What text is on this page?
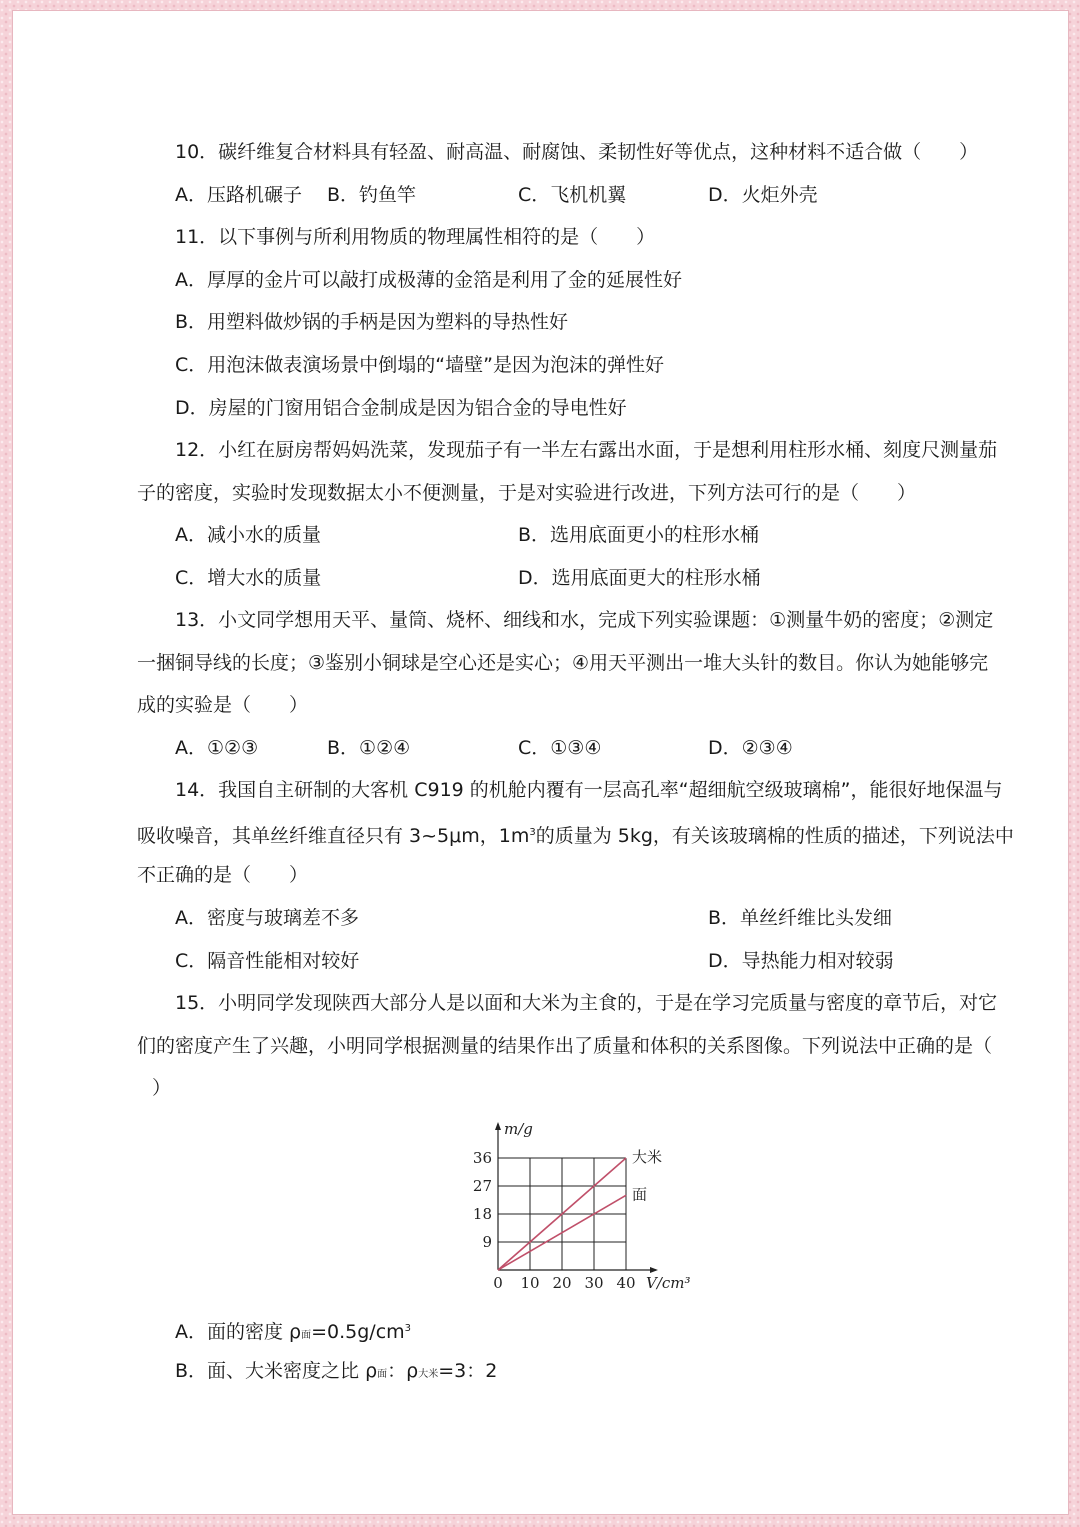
10．碳纤维复合材料具有轻盈、耐高温、耐腐蚀、柔韧性好等优点，这种材料不适合做（　　）
A．压路机碾子 B．钓鱼竿	C．飞机机翼	D．火炬外壳
11．以下事例与所利用物质的物理属性相符的是（　　）
A．厚厚的金片可以敲打成极薄的金箔是利用了金的延展性好
B．用塑料做炒锅的手柄是因为塑料的导热性好
C．用泡沫做表演场景中倒塌的“墙壁”是因为泡沫的弹性好
D．房屋的门窗用铝合金制成是因为铝合金的导电性好
12．小红在厨房帮妈妈洗菜，发现茄子有一半左右露出水面，于是想利用柱形水桶、刻度尺测量茄
子的密度，实验时发现数据太小不便测量，于是对实验进行改进，下列方法可行的是（　　）
A．减小水的质量	B．选用底面更小的柱形水桶
C．增大水的质量	D．选用底面更大的柱形水桶
13．小文同学想用天平、量筒、烧杯、细线和水，完成下列实验课题：①测量牛奶的密度；②测定
一捆铜导线的长度；③鉴别小铜球是空心还是实心；④用天平测出一堆大头针的数目。你认为她能够完
成的实验是（　　）
A．①②③	B．①②④	C．①③④	D．②③④
14．我国自主研制的大客机 C919 的机舱内覆有一层高孔率“超细航空级玻璃棉”，能很好地保温与
吸收噪音，其单丝纤维直径只有 3~5μm，$1m^3$的质量为 5kg，有关该玻璃棉的性质的描述，下列说法中
不正确的是（　　）
A．密度与玻璃差不多	B．单丝纤维比头发细
C．隔音性能相对较好	D．导热能力相对较弱
15．小明同学发现陕西大部分人是以面和大米为主食的，于是在学习完质量与密度的章节后，对它
们的密度产生了兴趣，小明同学根据测量的结果作出了质量和体积的关系图像。下列说法中正确的是（
）
0 10 20 30 40
9
18
27
36
m/g
V/cm³
大米
面
A．面的密度 ρ面$=0.5g/cm^3$
B．面、大米密度之比 ρ面：ρ大米=3：2
